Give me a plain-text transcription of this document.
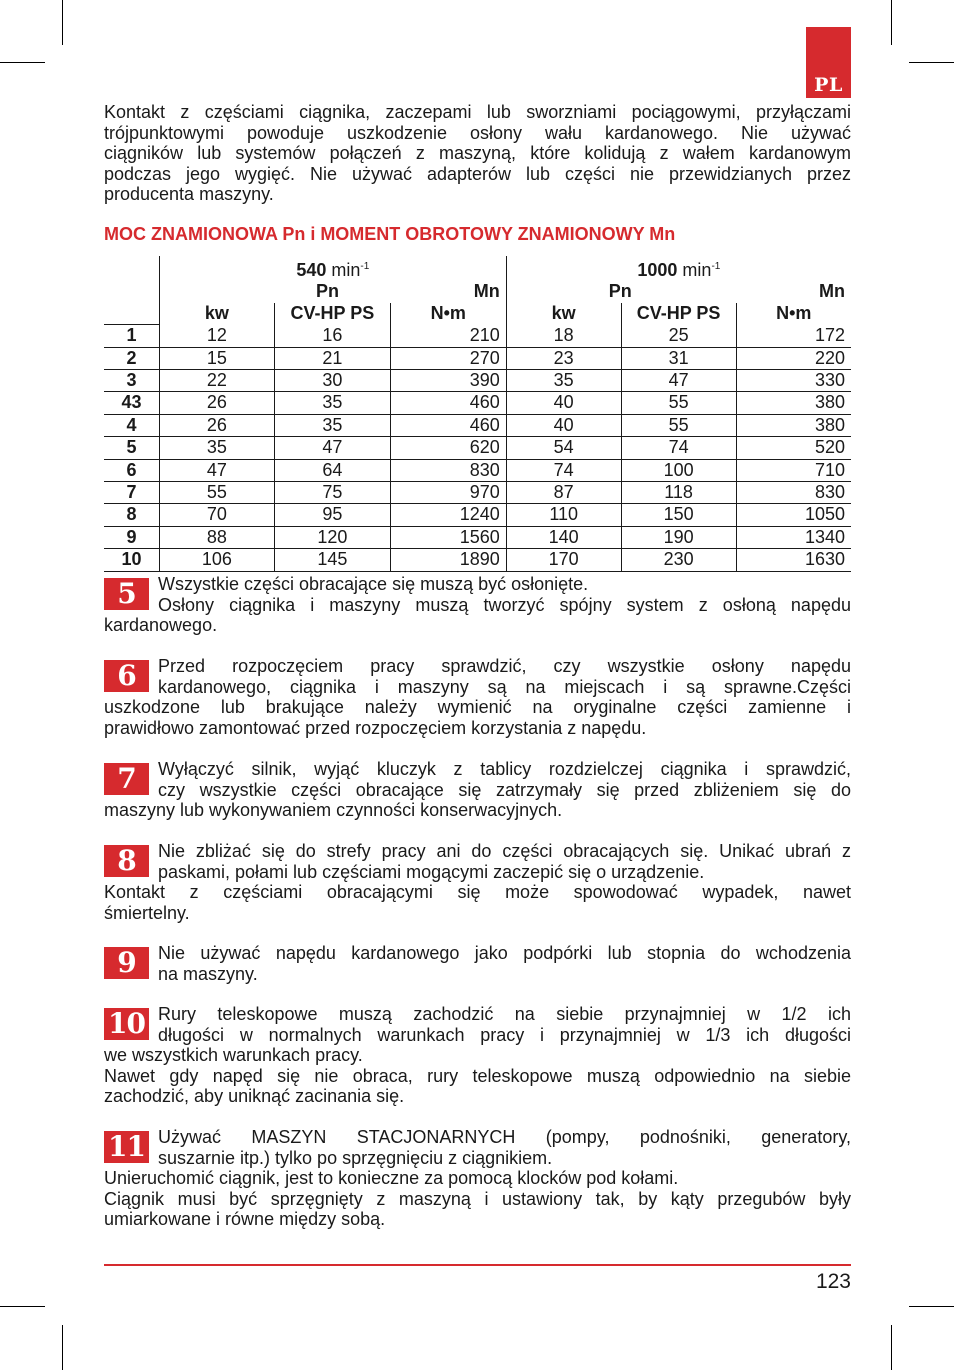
PL
Kontakt z częściami ciągnika, zaczepami lub sworzniami pociągowymi, przyłączami
trójpunktowymi powoduje uszkodzenie osłony wału kardanowego. Nie używać
ciągników lub systemów połączeń z maszyną, które kolidują z wałem kardanowym
podczas jego wygięć. Nie używać adapterów lub części nie przewidzianych przez
producenta maszyny.
MOC ZNAMIONOWA Pn i MOMENT OBROTOWY ZNAMIONOWY Mn
	540 $\min^{-1}$			1000 $\min^{-1}$
	Pn		Mn	Pn		Mn
	kw	CV-HP PS	N•m	kw	CV-HP PS	N•m
1	12	16	210	18	25	172
2	15	21	270	23	31	220
3	22	30	390	35	47	330
43	26	35	460	40	55	380
4	26	35	460	40	55	380
5	35	47	620	54	74	520
6	47	64	830	74	100	710
7	55	75	970	87	118	830
8	70	95	1240	110	150	1050
9	88	120	1560	140	190	1340
10	106	145	1890	170	230	1630
5	Wszystkie części obracające się muszą być osłonięte.
Osłony ciągnika i maszyny muszą tworzyć spójny system z osłoną napędu
kardanowego.
6	Przed rozpoczęciem pracy sprawdzić, czy wszystkie osłony napędu
kardanowego, ciągnika i maszyny są na miejscach i są sprawne.Części
uszkodzone lub brakujące należy wymienić na oryginalne części zamienne i
prawidłowo zamontować przed rozpoczęciem korzystania z napędu.
7	Wyłączyć silnik, wyjąć kluczyk z tablicy rozdzielczej ciągnika i sprawdzić,
czy wszystkie części obracające się zatrzymały się przed zbliżeniem się do
maszyny lub wykonywaniem czynności konserwacyjnych.
8	Nie zbliżać się do strefy pracy ani do części obracających się. Unikać ubrań z
paskami, połami lub częściami mogącymi zaczepić się o urządzenie.
Kontakt z częściami obracającymi się może spowodować wypadek, nawet
śmiertelny.
9	Nie używać napędu kardanowego jako podpórki lub stopnia do wchodzenia
na maszyny.
10 Rury teleskopowe muszą zachodzić na siebie przynajmniej w 1/2 ich
długości w normalnych warunkach pracy i przynajmniej w 1/3 ich długości
we wszystkich warunkach pracy.
Nawet gdy napęd się nie obraca, rury teleskopowe muszą odpowiednio na siebie
zachodzić, aby uniknąć zacinania się.
11 Używać MASZYN STACJONARNYCH (pompy, podnośniki, generatory,
suszarnie itp.) tylko po sprzęgnięciu z ciągnikiem.
Unieruchomić ciągnik, jest to konieczne za pomocą klocków pod kołami.
Ciągnik musi być sprzęgnięty z maszyną i ustawiony tak, by kąty przegubów były
umiarkowane i równe między sobą.
123
